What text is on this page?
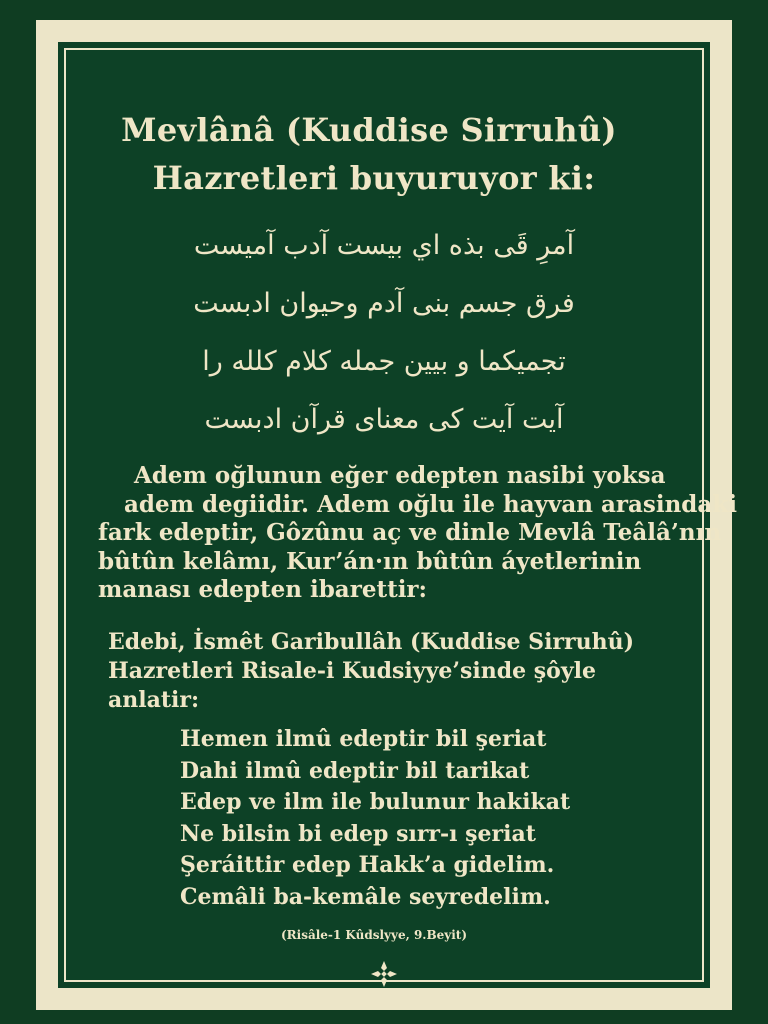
Mevlânâ (Kuddise Sirruhû)
Hazretleri buyuruyor ki:
آمرِ قَی بذه اي بیست آدب آمیست
فرق جسم بنی آدم وحیوان ادبست
تجمیکما و بیین جمله کلام کلله را
آیت آیت کی معنای قرآن ادبست
Adem oğlunun eğer edepten nasibi yoksa
adem degiidir. Adem oğlu ile hayvan arasindaki
fark edeptir, Gôzûnu aç ve dinle Mevlâ Teâlâ’nın
bûtûn kelâmı, Kur’án·ın bûtûn áyetlerinin
manası edepten ibarettir:
Edebi, İsmêt Garibullâh (Kuddise Sirruhû)
Hazretleri Risale-i Kudsiyye’sinde şôyle
anlatir:
Hemen ilmû edeptir bil şeriat
Dahi ilmû edeptir bil tarikat
Edep ve ilm ile bulunur hakikat
Ne bilsin bi edep sırr-ı şeriat
Şeráittir edep Hakk’a gidelim.
Cemâli ba-kemâle seyredelim.
(Risâle-1 Kûdslyye, 9.Beyit)
